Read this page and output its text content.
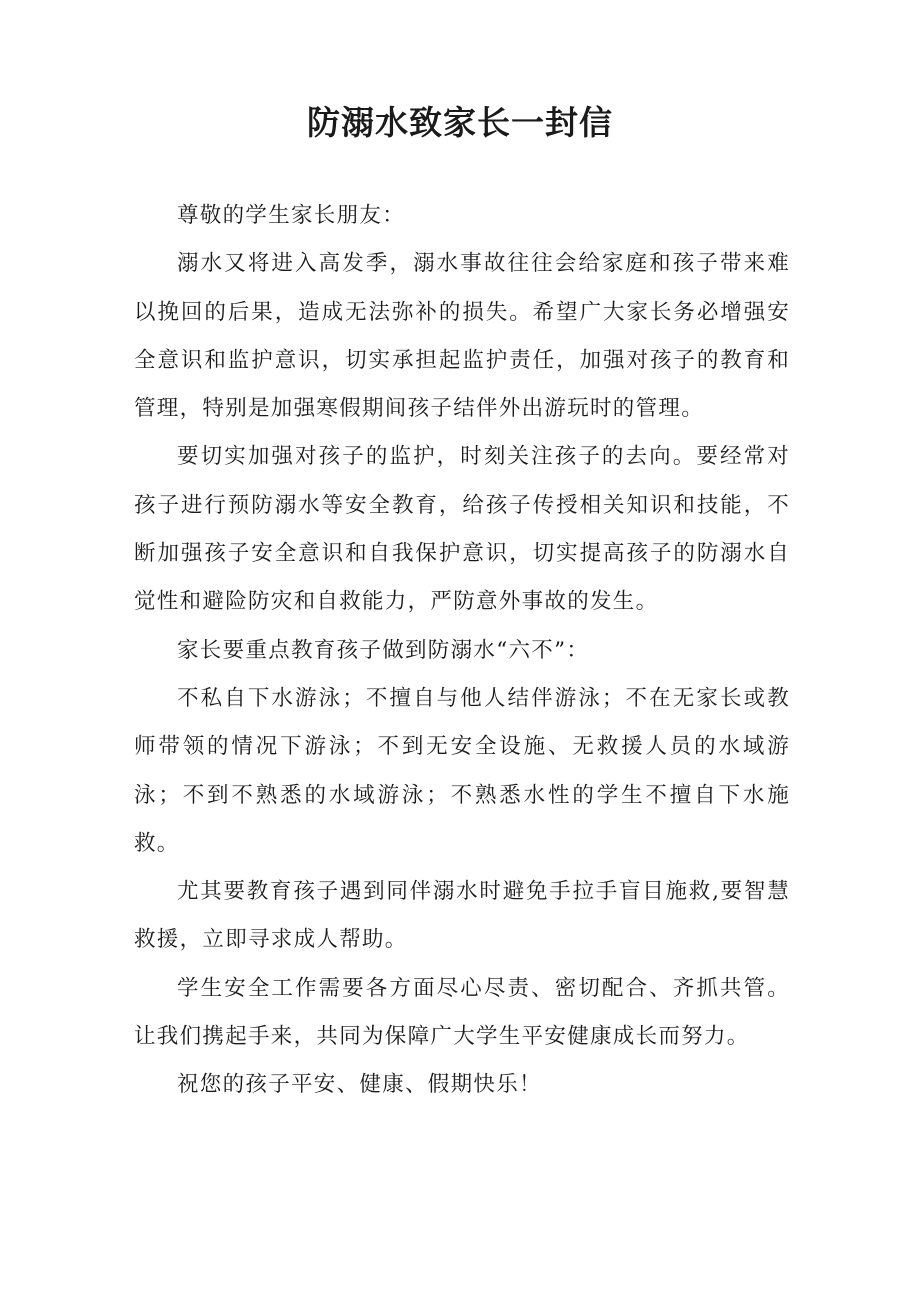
防溺水致家长一封信

尊敬的学生家长朋友：

溺水又将进入高发季，溺水事故往往会给家庭和孩子带来难以挽回的后果，造成无法弥补的损失。希望广大家长务必增强安全意识和监护意识，切实承担起监护责任，加强对孩子的教育和管理，特别是加强寒假期间孩子结伴外出游玩时的管理。

要切实加强对孩子的监护，时刻关注孩子的去向。要经常对孩子进行预防溺水等安全教育，给孩子传授相关知识和技能，不断加强孩子安全意识和自我保护意识，切实提高孩子的防溺水自觉性和避险防灾和自救能力，严防意外事故的发生。

家长要重点教育孩子做到防溺水“六不”：

不私自下水游泳；不擅自与他人结伴游泳；不在无家长或教师带领的情况下游泳；不到无安全设施、无救援人员的水域游泳；不到不熟悉的水域游泳；不熟悉水性的学生不擅自下水施救。

尤其要教育孩子遇到同伴溺水时避免手拉手盲目施救,要智慧救援，立即寻求成人帮助。

学生安全工作需要各方面尽心尽责、密切配合、齐抓共管。让我们携起手来，共同为保障广大学生平安健康成长而努力。

祝您的孩子平安、健康、假期快乐！
